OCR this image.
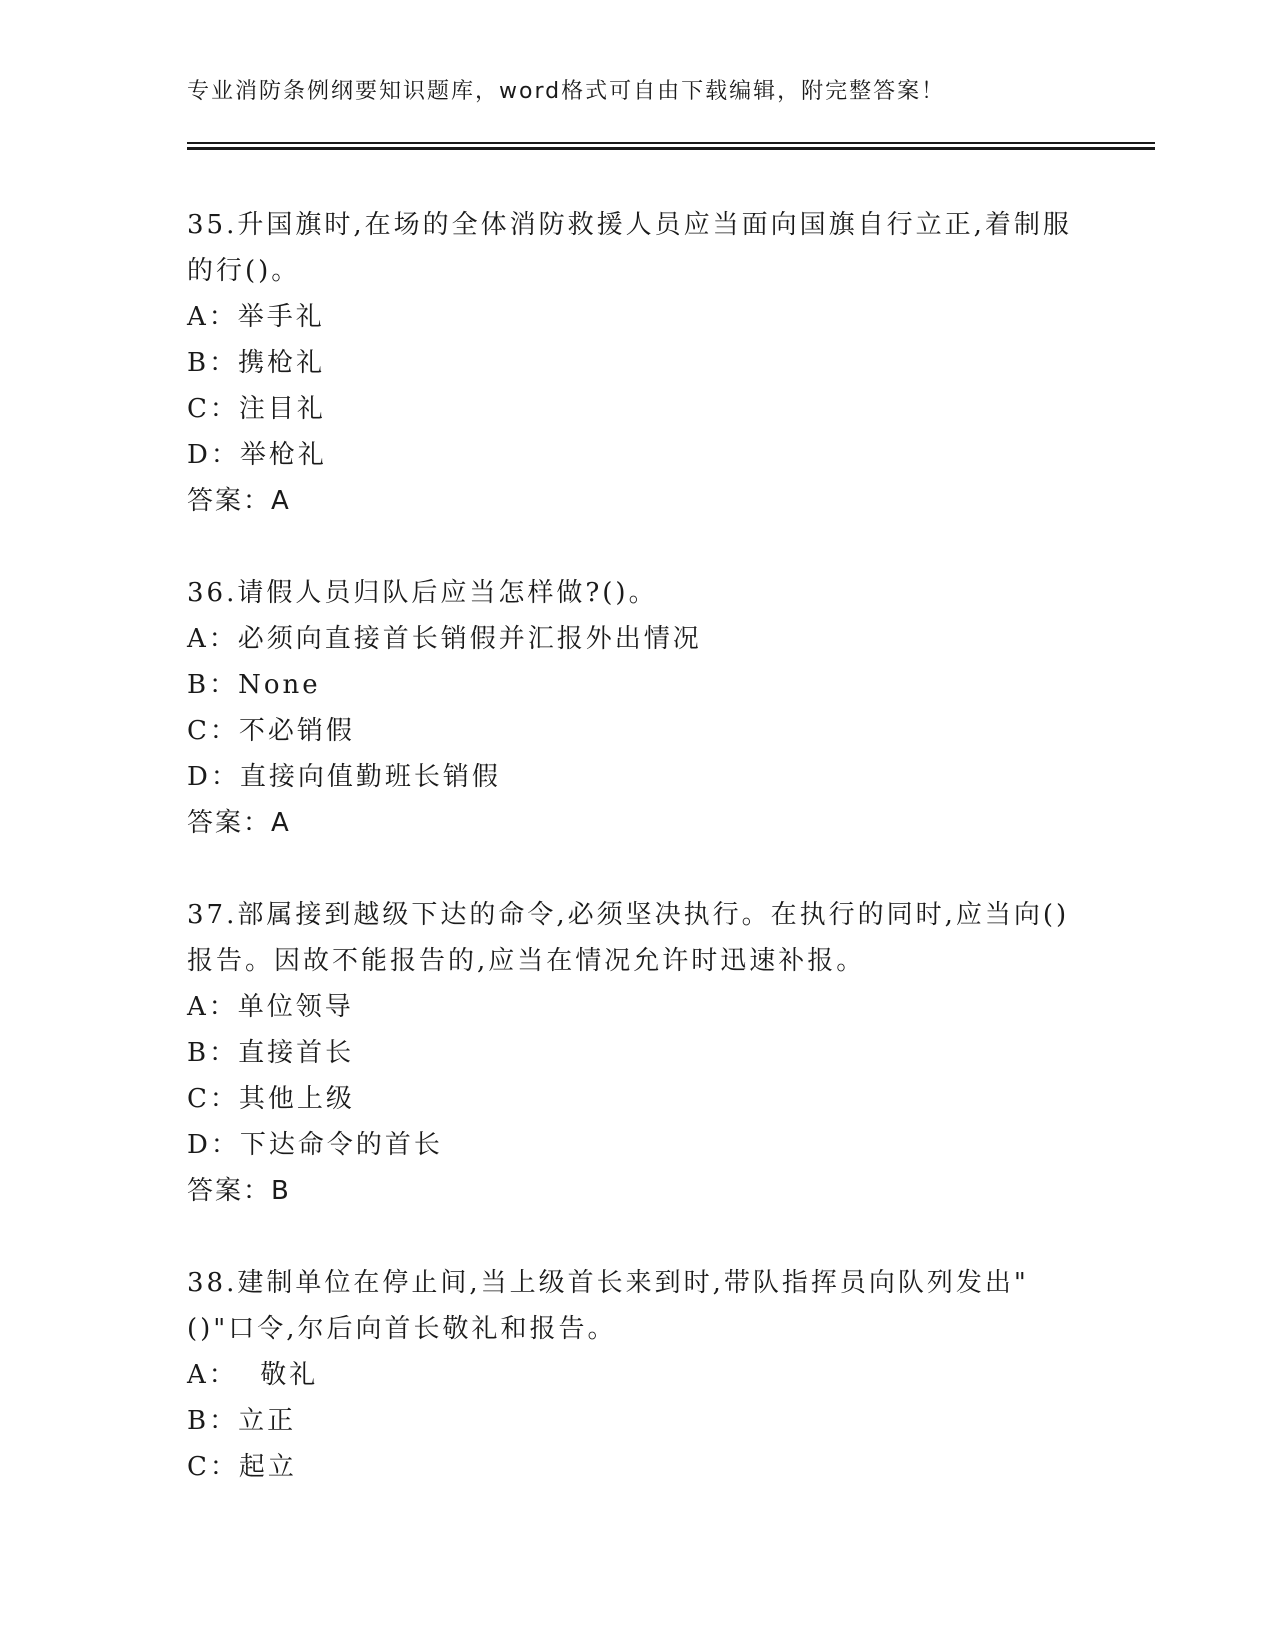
专业消防条例纲要知识题库，word格式可自由下载编辑，附完整答案！
35.升国旗时,在场的全体消防救援人员应当面向国旗自行立正,着制服的行()。
A：举手礼
B：携枪礼
C：注目礼
D：举枪礼
答案：A
36.请假人员归队后应当怎样做?()。
A：必须向直接首长销假并汇报外出情况
B：None
C：不必销假
D：直接向值勤班长销假
答案：A
37.部属接到越级下达的命令,必须坚决执行。在执行的同时,应当向()报告。因故不能报告的,应当在情况允许时迅速补报。
A：单位领导
B：直接首长
C：其他上级
D：下达命令的首长
答案：B
38.建制单位在停止间,当上级首长来到时,带队指挥员向队列发出"()"口令,尔后向首长敬礼和报告。
A：  敬礼
B：立正
C：起立
